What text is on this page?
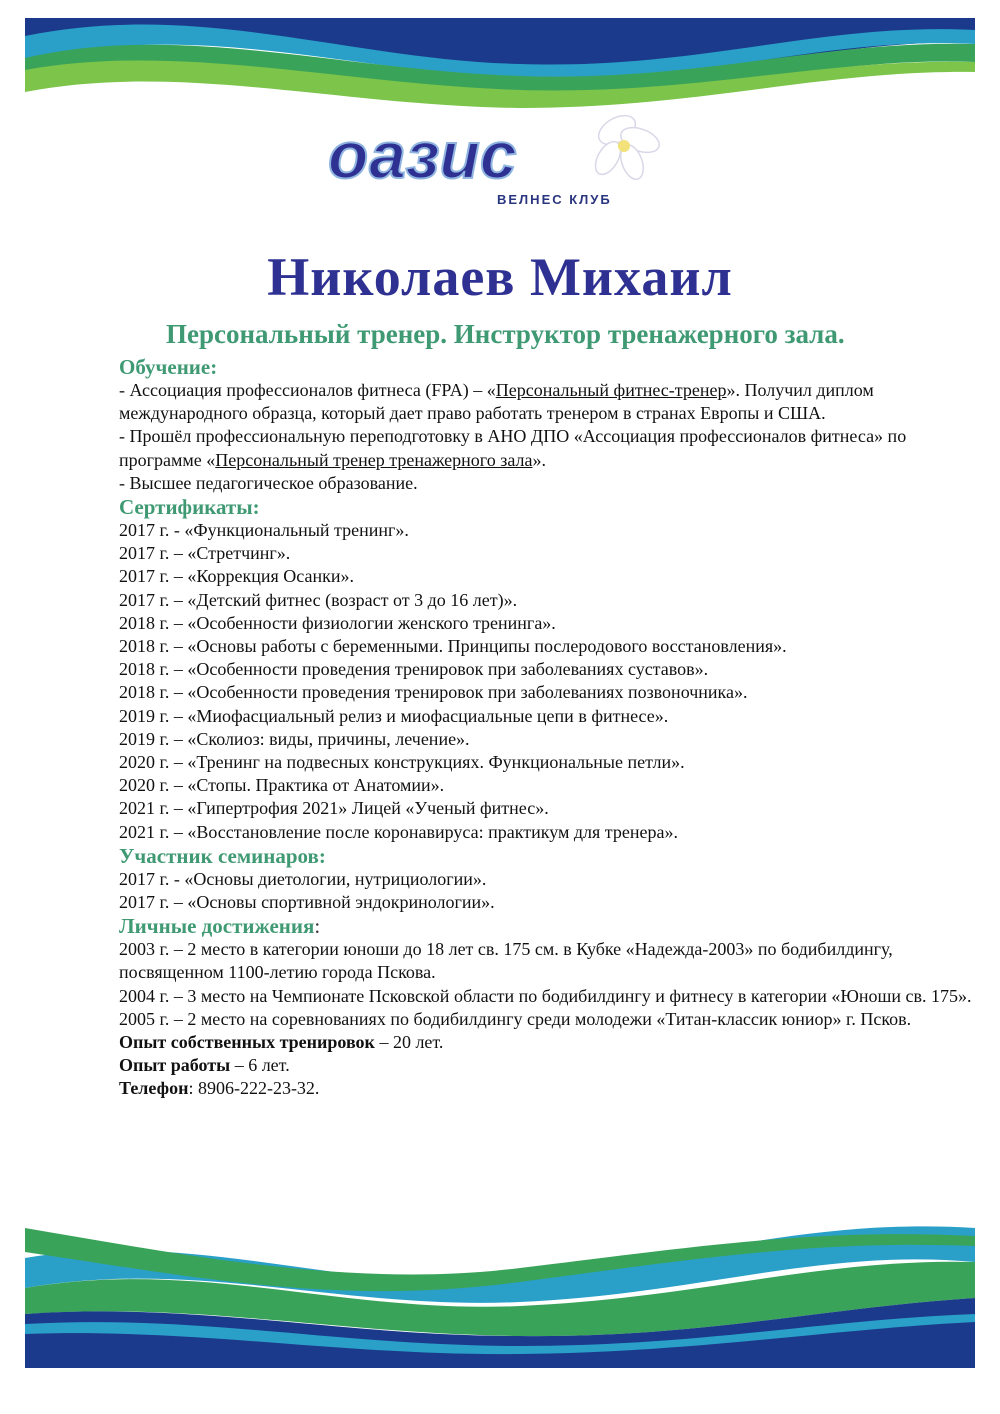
оазис
ВЕЛНЕС КЛУБ
Николаев Михаил
Персональный тренер. Инструктор тренажерного зала.

Обучение:

- Ассоциация профессионалов фитнеса (FPA) – «Персональный фитнес-тренер». Получил диплом международного образца, который дает право работать тренером в странах Европы и США.

- Прошёл профессиональную переподготовку в АНО ДПО «Ассоциация профессионалов фитнеса» по программе «Персональный тренер тренажерного зала».

- Высшее педагогическое образование.

Сертификаты:

2017 г. - «Функциональный тренинг».

2017 г. – «Стретчинг».

2017 г. – «Коррекция Осанки».

2017 г. – «Детский фитнес (возраст от 3 до 16 лет)».

2018 г. – «Особенности физиологии женского тренинга».

2018 г. – «Основы работы с беременными. Принципы послеродового восстановления».

2018 г. – «Особенности проведения тренировок при заболеваниях суставов».

2018 г. – «Особенности проведения тренировок при заболеваниях позвоночника».

2019 г. – «Миофасциальный релиз и миофасциальные цепи в фитнесе».

2019 г. – «Сколиоз: виды, причины, лечение».

2020 г. – «Тренинг на подвесных конструкциях. Функциональные петли».

2020 г. – «Стопы. Практика от Анатомии».

2021 г. – «Гипертрофия 2021» Лицей «Ученый фитнес».

2021 г. – «Восстановление после коронавируса: практикум для тренера».

Участник семинаров:

2017 г. - «Основы диетологии, нутрициологии».

2017 г. – «Основы спортивной эндокринологии».

Личные достижения:

2003 г. – 2 место в категории юноши до 18 лет св. 175 см. в Кубке «Надежда-2003» по бодибилдингу, посвященном 1100-летию города Пскова.

2004 г. – 3 место на Чемпионате Псковской области по бодибилдингу и фитнесу в категории «Юноши св. 175».

2005 г. – 2 место на соревнованиях по бодибилдингу среди молодежи «Титан-классик юниор» г. Псков.

Опыт собственных тренировок – 20 лет.

Опыт работы – 6 лет.

Телефон: 8906-222-23-32.
